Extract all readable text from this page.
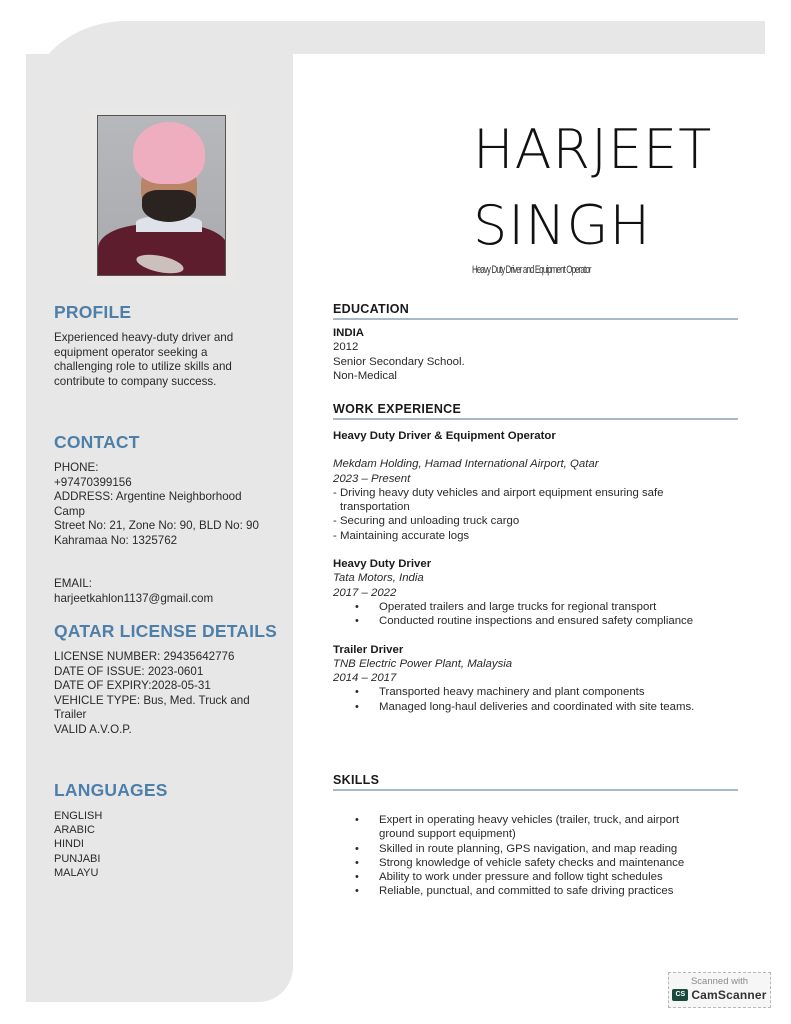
HARJEET
SINGH
Heavy Duty Driver and Equipment Operator
PROFILE
Experienced heavy-duty driver and
equipment operator seeking a
challenging role to utilize skills and
contribute to company success.
CONTACT
PHONE:
+97470399156
ADDRESS: Argentine Neighborhood
Camp
Street No: 21, Zone No: 90, BLD No: 90
Kahramaa No: 1325762
EMAIL:
harjeetkahlon1137@gmail.com
QATAR LICENSE DETAILS
LICENSE NUMBER: 29435642776
DATE OF ISSUE: 2023-0601
DATE OF EXPIRY:2028-05-31
VEHICLE TYPE: Bus, Med. Truck and
Trailer
VALID A.V.O.P.
LANGUAGES
ENGLISH
ARABIC
HINDI
PUNJABI
MALAYU
EDUCATION
INDIA
2012
Senior Secondary School.
Non-Medical
WORK EXPERIENCE
Heavy Duty Driver & Equipment Operator
Mekdam Holding, Hamad International Airport, Qatar
2023 – Present
- Driving heavy duty vehicles and airport equipment ensuring safe transportation
- Securing and unloading truck cargo
- Maintaining accurate logs
Heavy Duty Driver
Tata Motors, India
2017 – 2022
• Operated trailers and large trucks for regional transport
• Conducted routine inspections and ensured safety compliance
Trailer Driver
TNB Electric Power Plant, Malaysia
2014 – 2017
• Transported heavy machinery and plant components
• Managed long-haul deliveries and coordinated with site teams.
SKILLS
• Expert in operating heavy vehicles (trailer, truck, and airport ground support equipment)
• Skilled in route planning, GPS navigation, and map reading
• Strong knowledge of vehicle safety checks and maintenance
• Ability to work under pressure and follow tight schedules
• Reliable, punctual, and committed to safe driving practices
Scanned with
CS CamScanner
